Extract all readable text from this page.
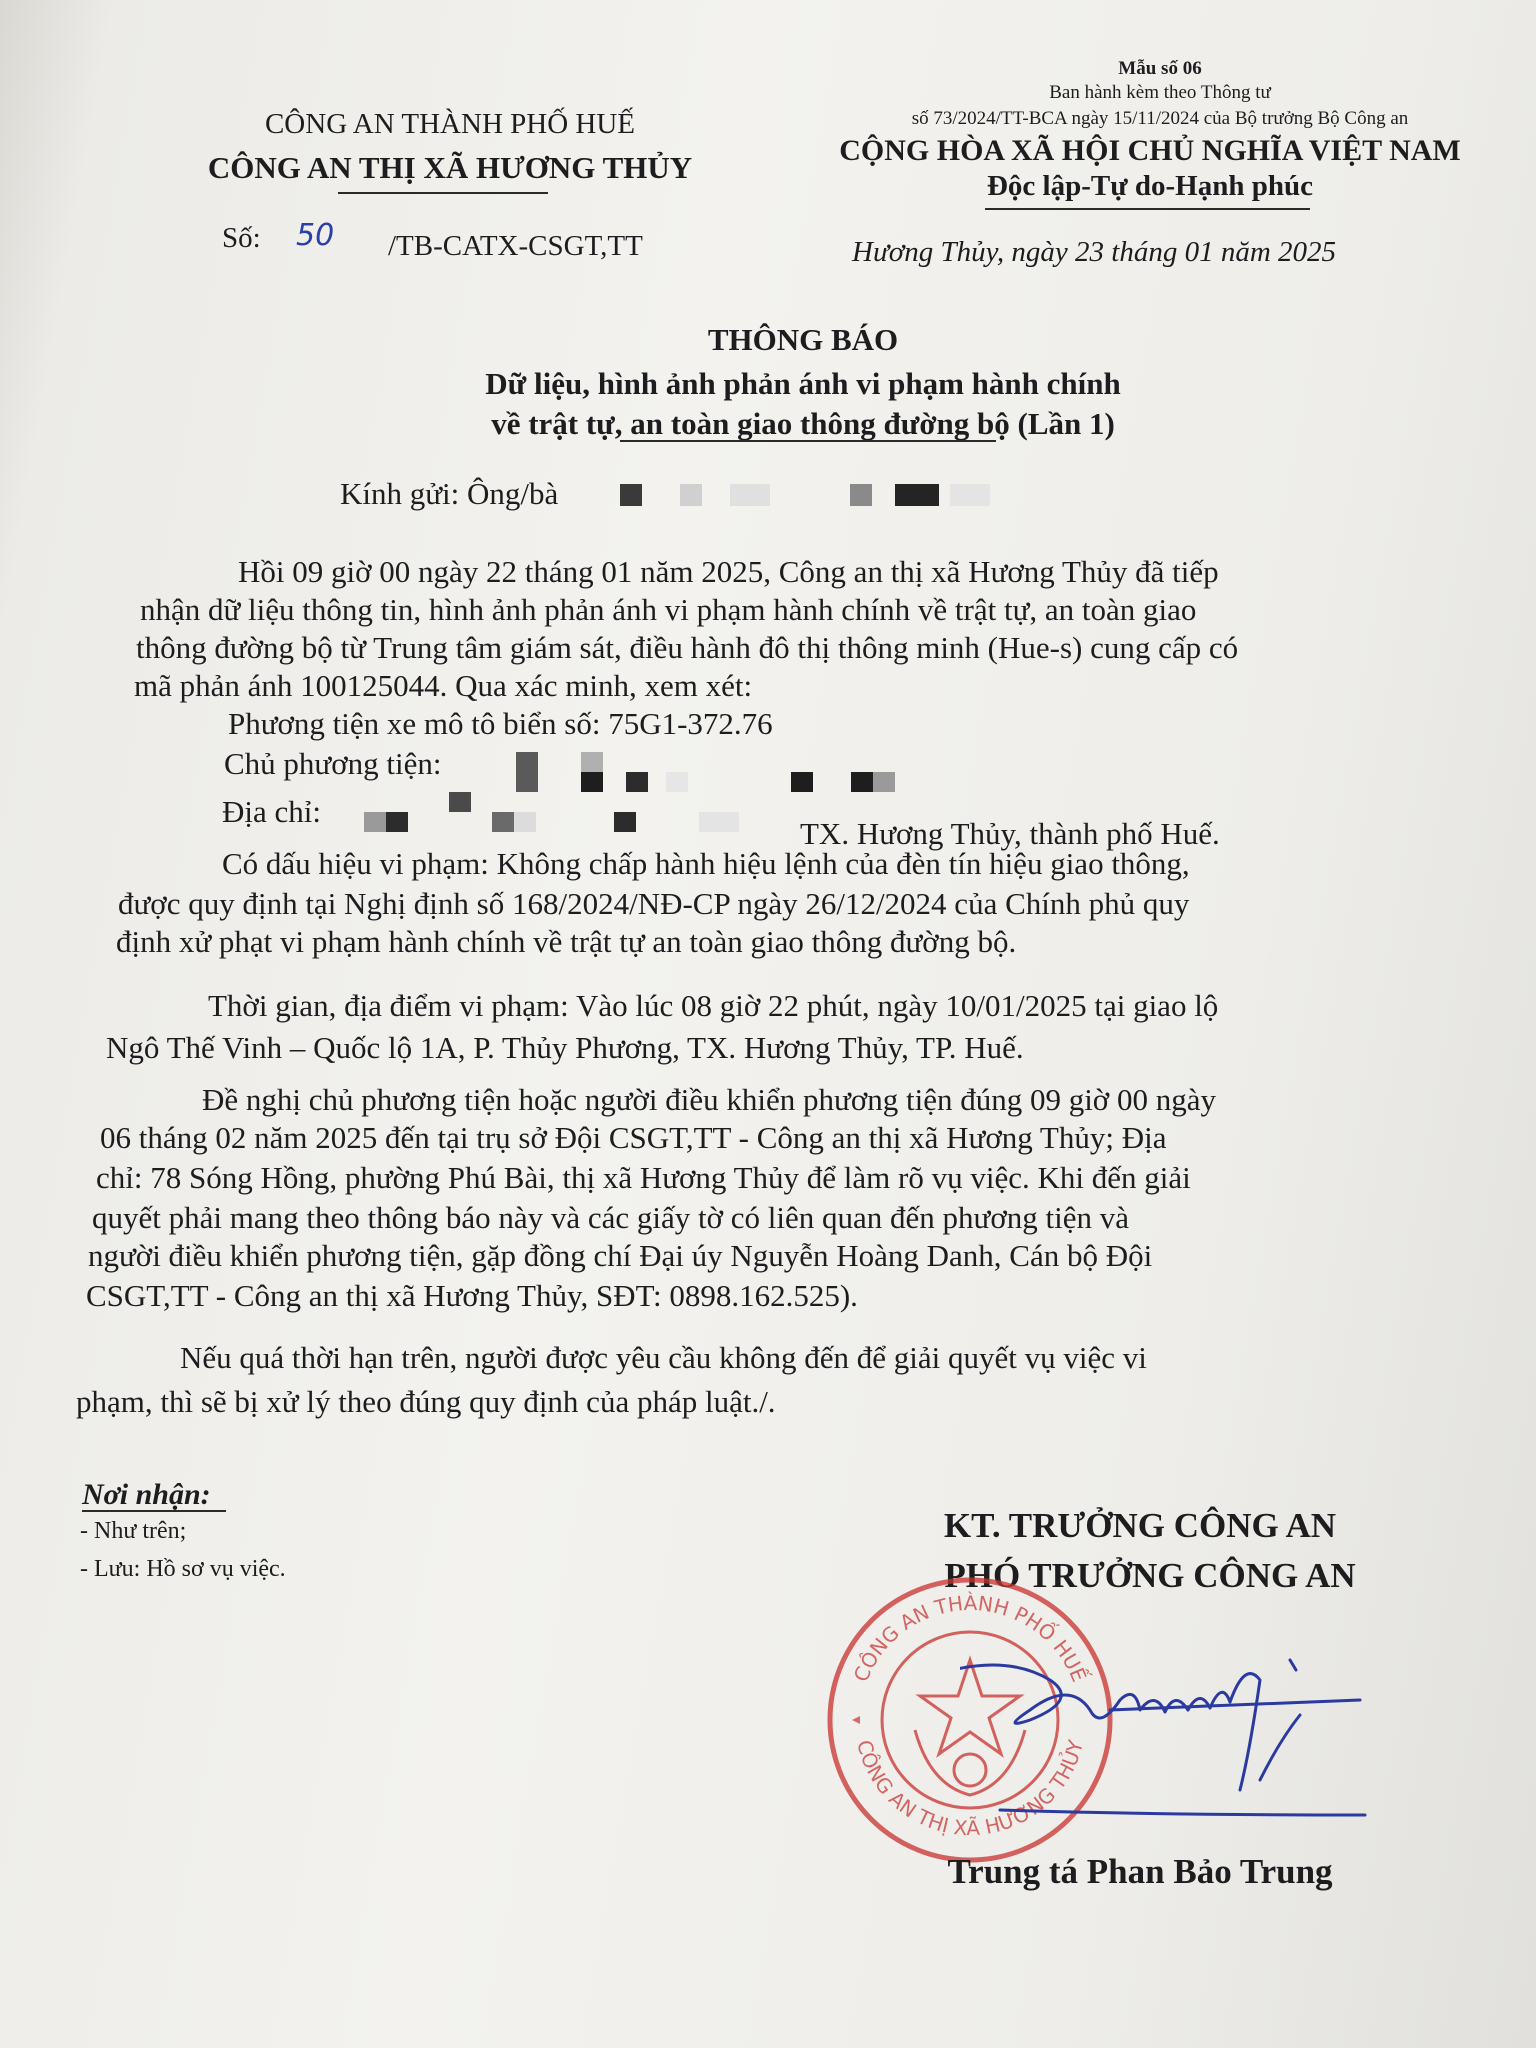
CÔNG AN THÀNH PHỐ HUẾ
CÔNG AN THỊ XÃ HƯƠNG THỦY
Mẫu số 06
Ban hành kèm theo Thông tư
số 73/2024/TT-BCA ngày 15/11/2024 của Bộ trưởng Bộ Công an
CỘNG HÒA XÃ HỘI CHỦ NGHĨA VIỆT NAM
Độc lập-Tự do-Hạnh phúc
Số: 50 /TB-CATX-CSGT,TT	Hương Thủy, ngày 23 tháng 01 năm 2025
THÔNG BÁO
Dữ liệu, hình ảnh phản ánh vi phạm hành chính
về trật tự, an toàn giao thông đường bộ (Lần 1)
Kính gửi: Ông/bà
Hồi 09 giờ 00 ngày 22 tháng 01 năm 2025, Công an thị xã Hương Thủy đã tiếp
nhận dữ liệu thông tin, hình ảnh phản ánh vi phạm hành chính về trật tự, an toàn giao
thông đường bộ từ Trung tâm giám sát, điều hành đô thị thông minh (Hue-s) cung cấp có
mã phản ánh 100125044. Qua xác minh, xem xét:
Phương tiện xe mô tô biển số: 75G1-372.76
Chủ phương tiện:
Địa chỉ:
TX. Hương Thủy, thành phố Huế.
Có dấu hiệu vi phạm: Không chấp hành hiệu lệnh của đèn tín hiệu giao thông,
được quy định tại Nghị định số 168/2024/NĐ-CP ngày 26/12/2024 của Chính phủ quy
định xử phạt vi phạm hành chính về trật tự an toàn giao thông đường bộ.
Thời gian, địa điểm vi phạm: Vào lúc 08 giờ 22 phút, ngày 10/01/2025 tại giao lộ
Ngô Thế Vinh – Quốc lộ 1A, P. Thủy Phương, TX. Hương Thủy, TP. Huế.
Đề nghị chủ phương tiện hoặc người điều khiển phương tiện đúng 09 giờ 00 ngày
06 tháng 02 năm 2025 đến tại trụ sở Đội CSGT,TT - Công an thị xã Hương Thủy; Địa
chỉ: 78 Sóng Hồng, phường Phú Bài, thị xã Hương Thủy để làm rõ vụ việc. Khi đến giải
quyết phải mang theo thông báo này và các giấy tờ có liên quan đến phương tiện và
người điều khiển phương tiện, gặp đồng chí Đại úy Nguyễn Hoàng Danh, Cán bộ Đội
CSGT,TT - Công an thị xã Hương Thủy, SĐT: 0898.162.525).
Nếu quá thời hạn trên, người được yêu cầu không đến để giải quyết vụ việc vi
phạm, thì sẽ bị xử lý theo đúng quy định của pháp luật./.
Nơi nhận:
- Như trên;
- Lưu: Hồ sơ vụ việc.
KT. TRƯỞNG CÔNG AN
PHÓ TRƯỞNG CÔNG AN
CÔNG AN THÀNH PHỐ HUẾ
CÔNG AN THỊ XÃ HƯƠNG THỦY
Trung tá Phan Bảo Trung
